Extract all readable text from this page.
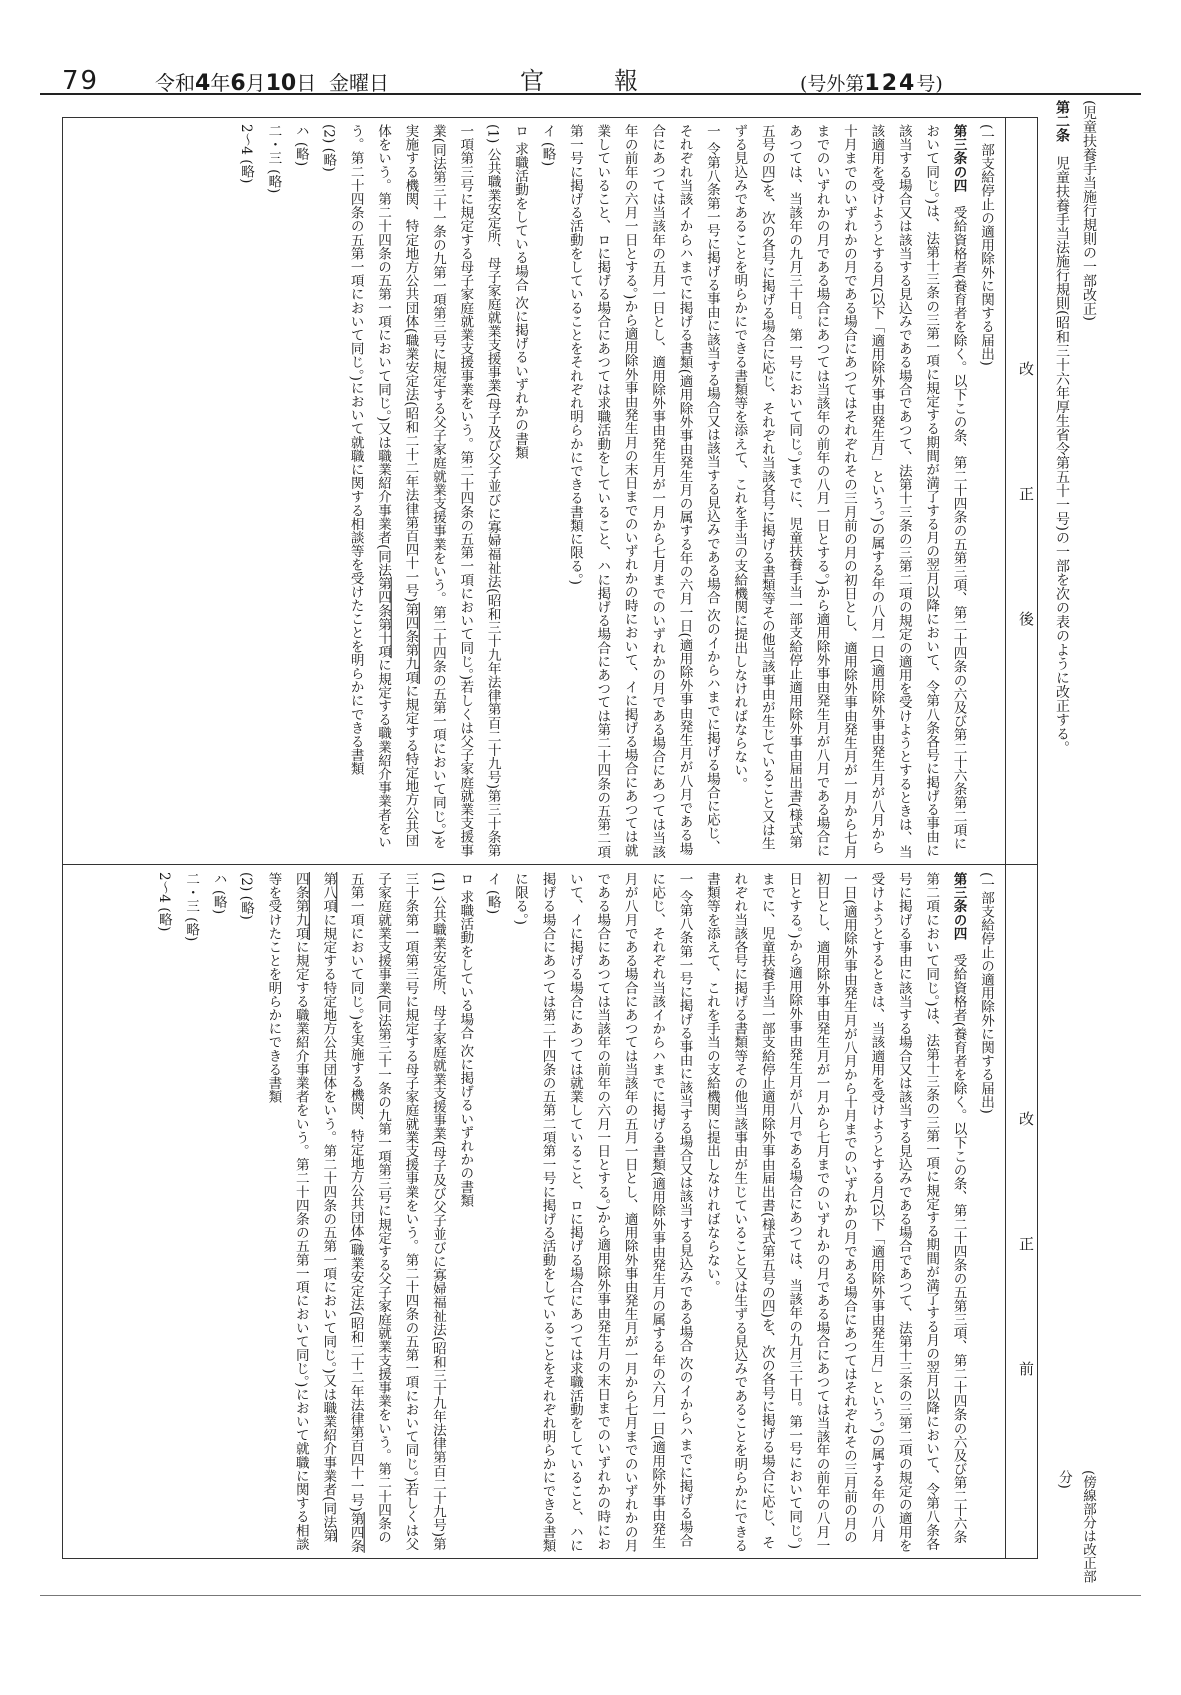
79	令和4年6月10日 金曜日	官報	(号外第124号)
(児童扶養手当施行規則の一部改正)
第二条　児童扶養手当法施行規則(昭和三十六年厚生省令第五十一号)の一部を次の表のように改正する。
改正後
改正前
(一部支給停止の適用除外に関する届出)
第三条の四　受給資格者(養育者を除く。以下この条、第二十四条の五第三項、第二十四条の六及び第二十六条第二項において同じ。)は、法第十三条の三第一項に規定する期間が満了する月の翌月以降において、令第八条各号に掲げる事由に該当する場合又は該当する見込みである場合であつて、法第十三条の三第二項の規定の適用を受けようとするときは、当該適用を受けようとする月(以下「適用除外事由発生月」という。)の属する年の八月一日(適用除外事由発生月が八月から十月までのいずれかの月である場合にあつてはそれぞれその三月前の月の初日とし、適用除外事由発生月が一月から七月までのいずれかの月である場合にあつては当該年の前年の八月一日とする。)から適用除外事由発生月が八月である場合にあつては、当該年の九月三十日。第一号において同じ。)までに、児童扶養手当一部支給停止適用除外事由届出書(様式第五号の四)を、次の各号に掲げる場合に応じ、それぞれ当該各号に掲げる書類等その他当該事由が生じていること又は生ずる見込みであることを明らかにできる書類等を添えて、これを手当の支給機関に提出しなければならない。
一 令第八条第一号に掲げる事由に該当する場合又は該当する見込みである場合 次のイからハまでに掲げる場合に応じ、それぞれ当該イからハまでに掲げる書類(適用除外事由発生月の属する年の六月一日(適用除外事由発生月が八月である場合にあつては当該年の五月一日とし、適用除外事由発生月が一月から七月までのいずれかの月である場合にあつては当該年の前年の六月一日とする。)から適用除外事由発生月の末日までのいずれかの時において、イに掲げる場合にあつては就業していること、ロに掲げる場合にあつては求職活動をしていること、ハに掲げる場合にあつては第二十四条の五第二項第一号に掲げる活動をしていることをそれぞれ明らかにできる書類に限る。)
イ (略)
ロ 求職活動をしている場合 次に掲げるいずれかの書類
(1) 公共職業安定所、母子家庭就業支援事業(母子及び父子並びに寡婦福祉法(昭和三十九年法律第百二十九号)第三十条第一項第三号に規定する母子家庭就業支援事業をいう。第二十四条の五第一項において同じ。)若しくは父子家庭就業支援事業(同法第三十一条の九第一項第三号に規定する父子家庭就業支援事業をいう。第二十四条の五第一項において同じ。)を実施する機関、特定地方公共団体(職業安定法(昭和二十二年法律第百四十一号)第四条第九項に規定する特定地方公共団体をいう。第二十四条の五第一項において同じ。)又は職業紹介事業者(同法第四条第十項に規定する職業紹介事業者をいう。第二十四条の五第一項において同じ。)において就職に関する相談等を受けたことを明らかにできる書類
(2) (略)
ハ (略)
二・三 (略)
2〜4 (略)
(一部支給停止の適用除外に関する届出)
第三条の四　受給資格者(養育者を除く。以下この条、第二十四条の五第三項、第二十四条の六及び第二十六条第二項において同じ。)は、法第十三条の三第一項に規定する期間が満了する月の翌月以降において、令第八条各号に掲げる事由に該当する場合又は該当する見込みである場合であつて、法第十三条の三第二項の規定の適用を受けようとするときは、当該適用を受けようとする月(以下「適用除外事由発生月」という。)の属する年の八月一日(適用除外事由発生月が八月から十月までのいずれかの月である場合にあつてはそれぞれその三月前の月の初日とし、適用除外事由発生月が一月から七月までのいずれかの月である場合にあつては当該年の前年の八月一日とする。)から適用除外事由発生月が八月である場合にあつては、当該年の九月三十日。第一号において同じ。)までに、児童扶養手当一部支給停止適用除外事由届出書(様式第五号の四)を、次の各号に掲げる場合に応じ、それぞれ当該各号に掲げる書類等その他当該事由が生じていること又は生ずる見込みであることを明らかにできる書類等を添えて、これを手当の支給機関に提出しなければならない。
一 令第八条第一号に掲げる事由に該当する場合又は該当する見込みである場合 次のイからハまでに掲げる場合に応じ、それぞれ当該イからハまでに掲げる書類(適用除外事由発生月の属する年の六月一日(適用除外事由発生月が八月である場合にあつては当該年の五月一日とし、適用除外事由発生月が一月から七月までのいずれかの月である場合にあつては当該年の前年の六月一日とする。)から適用除外事由発生月の末日までのいずれかの時において、イに掲げる場合にあつては就業していること、ロに掲げる場合にあつては求職活動をしていること、ハに掲げる場合にあつては第二十四条の五第二項第一号に掲げる活動をしていることをそれぞれ明らかにできる書類に限る。)
イ (略)
ロ 求職活動をしている場合 次に掲げるいずれかの書類
(1) 公共職業安定所、母子家庭就業支援事業(母子及び父子並びに寡婦福祉法(昭和三十九年法律第百二十九号)第三十条第一項第三号に規定する母子家庭就業支援事業をいう。第二十四条の五第一項において同じ。)若しくは父子家庭就業支援事業(同法第三十一条の九第一項第三号に規定する父子家庭就業支援事業をいう。第二十四条の五第一項において同じ。)を実施する機関、特定地方公共団体(職業安定法(昭和二十二年法律第百四十一号)第四条第八項に規定する特定地方公共団体をいう。第二十四条の五第一項において同じ。)又は職業紹介事業者(同法第四条第九項に規定する職業紹介事業者をいう。第二十四条の五第一項において同じ。)において就職に関する相談等を受けたことを明らかにできる書類
(2) (略)
ハ (略)
二・三 (略)
2〜4 (略)
(傍線部分は改正部分)
